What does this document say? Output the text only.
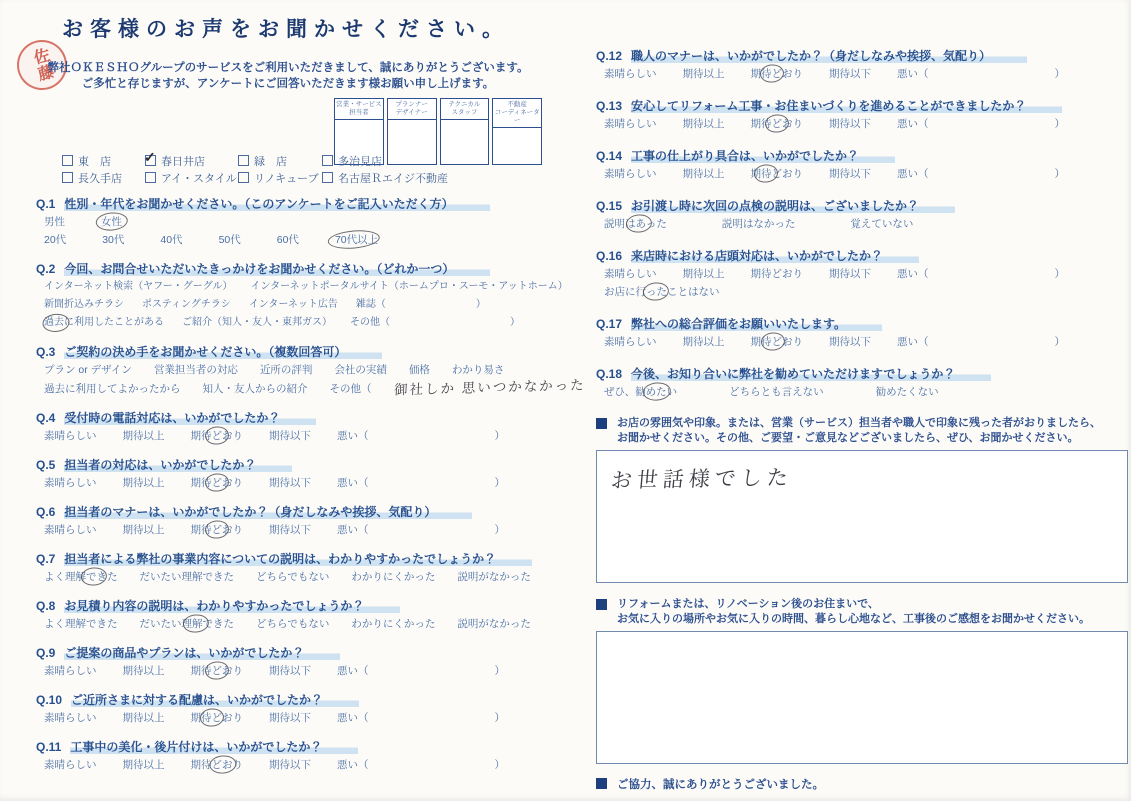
佐藤
お客様のお声をお聞かせください。
弊社ＯＫＥＳＨＯグループのサービスをご利用いただきまして、誠にありがとうございます。
ご多忙と存じますが、アンケートにご回答いただきます様お願い申し上げます。
営業・サービス
担当者
プランナー
デザイナー
テクニカル
スタッフ
不動産
コーディネーター
東　店 ✓	春日井店	緑　店	多治見店
長久手店	アイ・スタイル リノキューブ 名古屋Ｒエイジ不動産
Q.1 性別・年代をお聞かせください。（このアンケートをご記入いただく方）
男性	女性
20代	30代	40代	50代	60代	70代以上
Q.2 今回、お問合せいただいたきっかけをお聞かせください。（どれか一つ）
インターネット検索（ヤフー・グーグル） インターネットポータルサイト（ホームプロ・スーモ・アットホーム）
新聞折込みチラシ ポスティングチラシ インターネット広告 雑誌（　　　　　　　　　）
過去に利用したことがある ご紹介（知人・友人・東邦ガス） その他（　　　　　　　　　　　　）
Q.3 ご契約の決め手をお聞かせください。（複数回答可）
プラン or デザイン 営業担当者の対応 近所の評判 会社の実績 価格 わかり易さ
過去に利用してよかったから 知人・友人からの紹介 その他（ 御社しか 思いつかなかった
Q.4 受付時の電話対応は、いかがでしたか？
素晴らしい 期待以上 期待どおり 期待以下 悪い（　　　　　　　　　　　　）
Q.5 担当者の対応は、いかがでしたか？
素晴らしい 期待以上 期待どおり 期待以下 悪い（　　　　　　　　　　　　）
Q.6 担当者のマナーは、いかがでしたか？（身だしなみや挨拶、気配り）
素晴らしい 期待以上 期待どおり 期待以下 悪い（　　　　　　　　　　　　）
Q.7 担当者による弊社の事業内容についての説明は、わかりやすかったでしょうか？
よく理解できた だいたい理解できた どちらでもない わかりにくかった 説明がなかった
Q.8 お見積り内容の説明は、わかりやすかったでしょうか？
よく理解できた だいたい理解できた どちらでもない わかりにくかった 説明がなかった
Q.9 ご提案の商品やプランは、いかがでしたか？
素晴らしい 期待以上 期待どおり 期待以下 悪い（　　　　　　　　　　　　）
Q.10 ご近所さまに対する配慮は、いかがでしたか？
素晴らしい 期待以上 期待どおり 期待以下 悪い（　　　　　　　　　　　　）
Q.11 工事中の美化・後片付けは、いかがでしたか？
素晴らしい 期待以上 期待どおり 期待以下 悪い（　　　　　　　　　　　　）
Q.12 職人のマナーは、いかがでしたか？（身だしなみや挨拶、気配り）
素晴らしい 期待以上 期待どおり 期待以下 悪い（　　　　　　　　　　　　）
Q.13 安心してリフォーム工事・お住まいづくりを進めることができましたか？
素晴らしい 期待以上 期待どおり 期待以下 悪い（　　　　　　　　　　　　）
Q.14 工事の仕上がり具合は、いかがでしたか？
素晴らしい 期待以上 期待どおり 期待以下 悪い（　　　　　　　　　　　　）
Q.15 お引渡し時に次回の点検の説明は、ございましたか？
説明はあった	説明はなかった	覚えていない
Q.16 来店時における店頭対応は、いかがでしたか？
素晴らしい 期待以上 期待どおり 期待以下 悪い（　　　　　　　　　　　　）
お店に行ったことはない
Q.17 弊社への総合評価をお願いいたします。
素晴らしい 期待以上 期待どおり 期待以下 悪い（　　　　　　　　　　　　）
Q.18 今後、お知り合いに弊社を勧めていただけますでしょうか？
ぜひ、勧めたい	どちらとも言えない	勧めたくない
お店の雰囲気や印象。または、営業（サービス）担当者や職人で印象に残った者がおりましたら、
お聞かせください。その他、ご要望・ご意見などございましたら、ぜひ、お聞かせください。
お世話様でした
リフォームまたは、リノベーション後のお住まいで、
お気に入りの場所やお気に入りの時間、暮らし心地など、工事後のご感想をお聞かせください。
ご協力、誠にありがとうございました。
